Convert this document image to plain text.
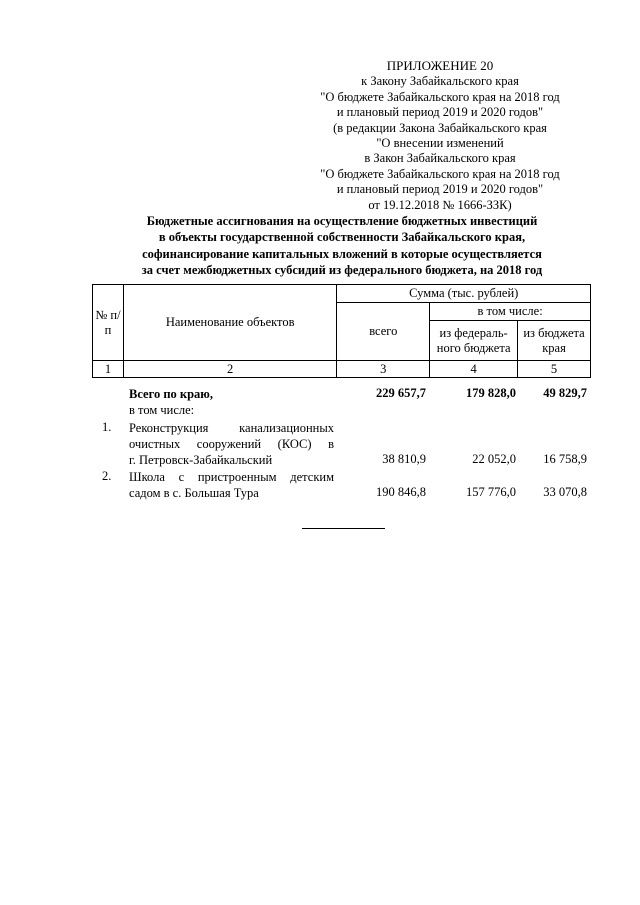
ПРИЛОЖЕНИЕ 20
к Закону Забайкальского края
"О бюджете Забайкальского края на 2018 год
и плановый период 2019 и 2020 годов"
(в редакции Закона Забайкальского края
"О внесении изменений
в Закон Забайкальского края
"О бюджете Забайкальского края на 2018 год
и плановый период 2019 и 2020 годов"
от 19.12.2018 № 1666-ЗЗК)
Бюджетные ассигнования на осуществление бюджетных инвестиций
в объекты государственной собственности Забайкальского края,
софинансирование капитальных вложений в которые осуществляется
за счет межбюджетных субсидий из федерального бюджета, на 2018 год
№ п/п	Наименование объектов	Сумма (тыс. рублей)		
		всего	в том числе:	
			из федераль-ного бюджета	из бюджета края
1	2	3	4	5
Всего по краю,	229 657,7	179 828,0	49 829,7
в том числе:
1. Реконструкция канализационных
очистных сооружений (КОС) в
г. Петровск-Забайкальский	38 810,9	22 052,0	16 758,9
2. Школа с пристроенным детским
садом в с. Большая Тура	190 846,8	157 776,0	33 070,8
